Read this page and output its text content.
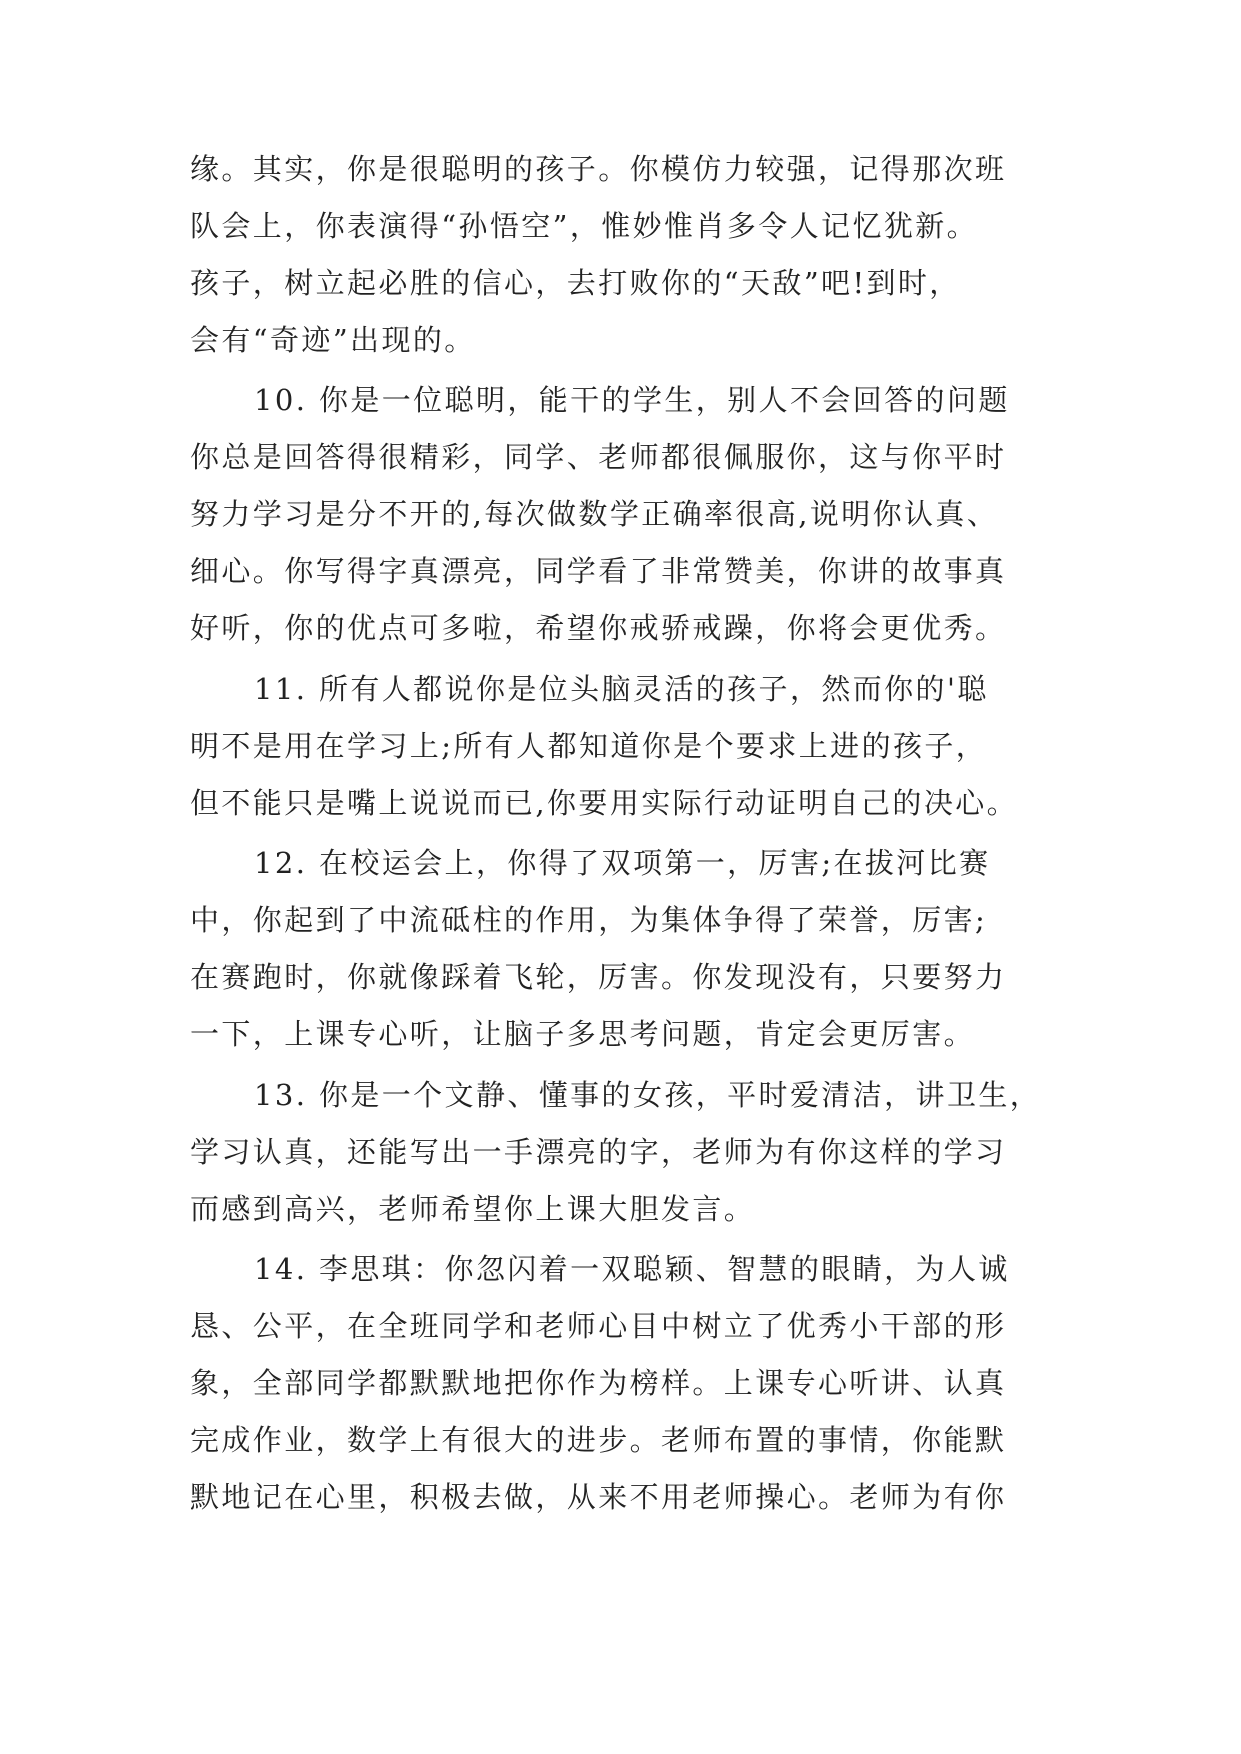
缘。其实，你是很聪明的孩子。你模仿力较强，记得那次班
队会上，你表演得“孙悟空”，惟妙惟肖多令人记忆犹新。
孩子，树立起必胜的信心，去打败你的“天敌”吧!到时，
会有“奇迹”出现的。
10. 你是一位聪明，能干的学生，别人不会回答的问题
你总是回答得很精彩，同学、老师都很佩服你，这与你平时
努力学习是分不开的,每次做数学正确率很高,说明你认真、
细心。你写得字真漂亮，同学看了非常赞美，你讲的故事真
好听，你的优点可多啦，希望你戒骄戒躁，你将会更优秀。
11. 所有人都说你是位头脑灵活的孩子，然而你的'聪
明不是用在学习上;所有人都知道你是个要求上进的孩子，
但不能只是嘴上说说而已,你要用实际行动证明自己的决心。
12. 在校运会上，你得了双项第一，厉害;在拔河比赛
中，你起到了中流砥柱的作用，为集体争得了荣誉，厉害;
在赛跑时，你就像踩着飞轮，厉害。你发现没有，只要努力
一下，上课专心听，让脑子多思考问题，肯定会更厉害。
13. 你是一个文静、懂事的女孩，平时爱清洁，讲卫生，
学习认真，还能写出一手漂亮的字，老师为有你这样的学习
而感到高兴，老师希望你上课大胆发言。
14. 李思琪：你忽闪着一双聪颖、智慧的眼睛，为人诚
恳、公平，在全班同学和老师心目中树立了优秀小干部的形
象，全部同学都默默地把你作为榜样。上课专心听讲、认真
完成作业，数学上有很大的进步。老师布置的事情，你能默
默地记在心里，积极去做，从来不用老师操心。老师为有你
